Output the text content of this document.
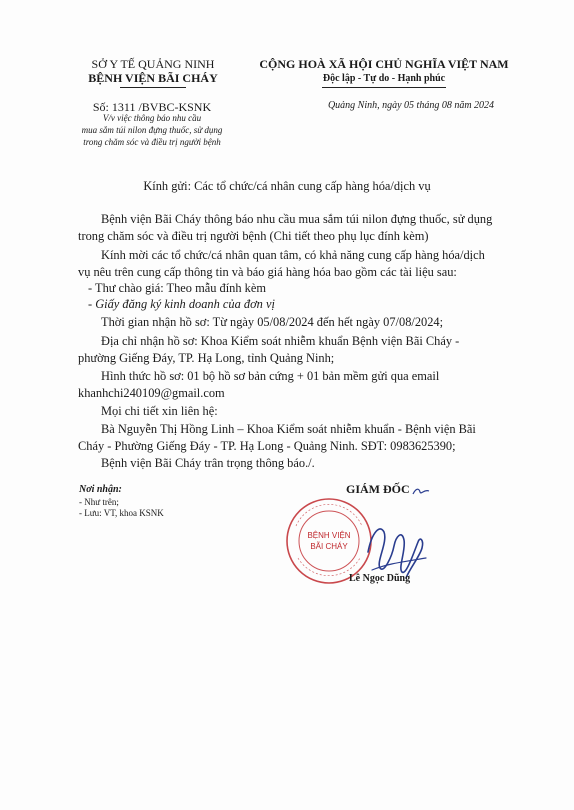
SỞ Y TẾ QUẢNG NINH
BỆNH VIỆN BÃI CHÁY
Số: 1311 /BVBC-KSNK
V/v việc thông báo nhu cầu
mua sắm túi nilon đựng thuốc, sử dụng
trong chăm sóc và điều trị người bệnh
CỘNG HOÀ XÃ HỘI CHỦ NGHĨA VIỆT NAM
Độc lập - Tự do - Hạnh phúc
Quảng Ninh, ngày 05 tháng 08 năm 2024
Kính gửi: Các tổ chức/cá nhân cung cấp hàng hóa/dịch vụ
Bệnh viện Bãi Cháy thông báo nhu cầu mua sắm túi nilon đựng thuốc, sử dụng
trong chăm sóc và điều trị người bệnh (Chi tiết theo phụ lục đính kèm)
Kính mời các tổ chức/cá nhân quan tâm, có khả năng cung cấp hàng hóa/dịch
vụ nêu trên cung cấp thông tin và báo giá hàng hóa bao gồm các tài liệu sau:
- Thư chào giá: Theo mẫu đính kèm
- Giấy đăng ký kinh doanh của đơn vị
Thời gian nhận hồ sơ: Từ ngày 05/08/2024 đến hết ngày 07/08/2024;
Địa chỉ nhận hồ sơ: Khoa Kiểm soát nhiễm khuẩn Bệnh viện Bãi Cháy -
phường Giếng Đáy, TP. Hạ Long, tỉnh Quảng Ninh;
Hình thức hồ sơ: 01 bộ hồ sơ bản cứng + 01 bản mềm gửi qua email
khanhchi240109@gmail.com
Mọi chi tiết xin liên hệ:
Bà Nguyễn Thị Hồng Linh – Khoa Kiểm soát nhiễm khuẩn - Bệnh viện Bãi
Cháy - Phường Giếng Đáy - TP. Hạ Long - Quảng Ninh. SĐT: 0983625390;
Bệnh viện Bãi Cháy trân trọng thông báo./.
Nơi nhận:
- Như trên;
- Lưu: VT, khoa KSNK
GIÁM ĐỐC
BỆNH VIỆN
BÃI CHÁY
Lê Ngọc Dũng
